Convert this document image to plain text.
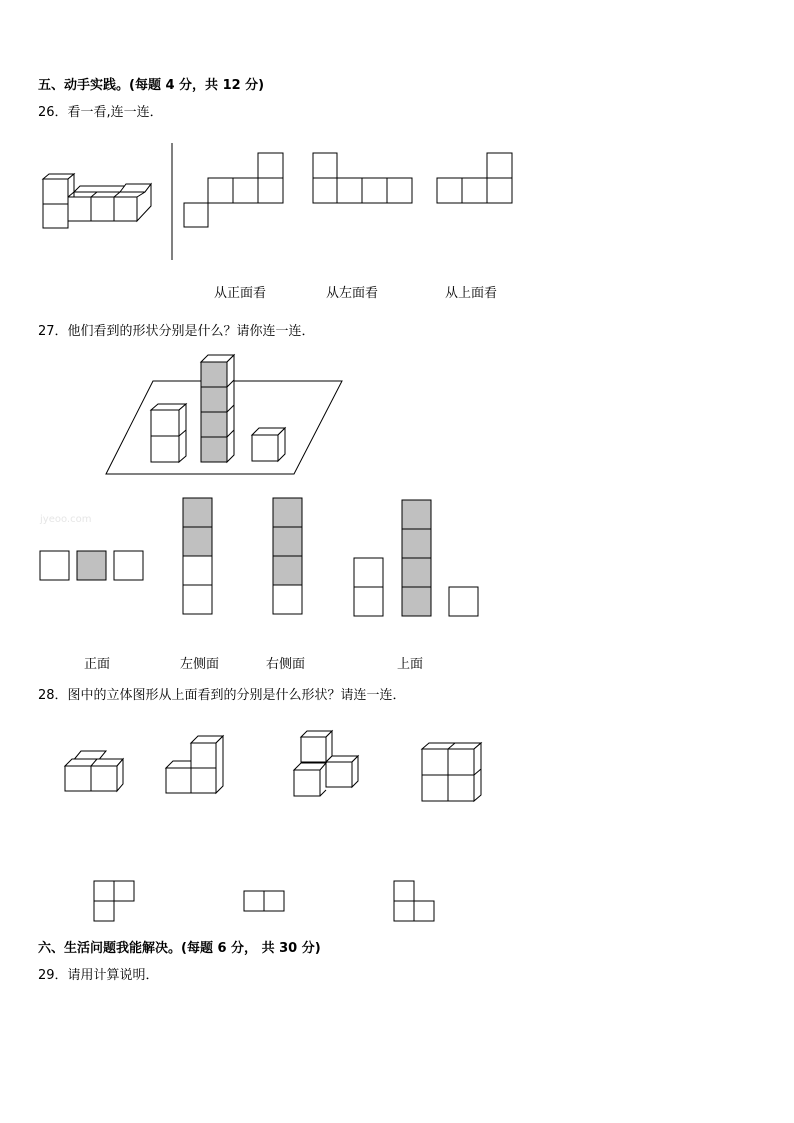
五、动手实践。(每题 4 分，共 12 分)
26．看一看,连一连．
从正面看	从左面看	从上面看
27．他们看到的形状分别是什么？请你连一连．
jyeoo.com
正面	左侧面	右侧面	上面
28．图中的立体图形从上面看到的分别是什么形状？请连一连．
六、生活问题我能解决。(每题 6 分， 共 30 分)
29．请用计算说明．
